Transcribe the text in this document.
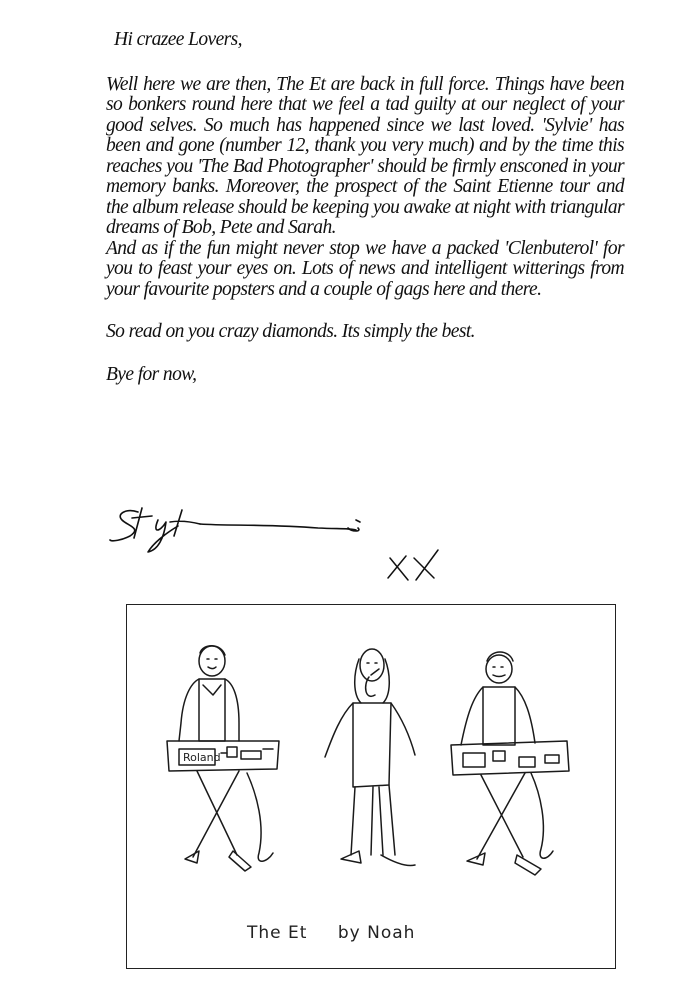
Hi crazee Lovers,

Well here we are then, The Et are back in full force. Things have been so bonkers round here that we feel a tad guilty at our neglect of your good selves. So much has happened since we last loved. 'Sylvie' has been and gone (number 12, thank you very much) and by the time this reaches you 'The Bad Photographer' should be firmly ensconed in your memory banks. Moreover, the prospect of the Saint Etienne tour and the album release should be keeping you awake at night with triangular dreams of Bob, Pete and Sarah.

And as if the fun might never stop we have a packed 'Clenbuterol' for you to feast your eyes on. Lots of news and intelligent witterings from your favourite popsters and a couple of gags here and there.

So read on you crazy diamonds. Its simply the best.

Bye for now,

Roland
The Et by Noah
